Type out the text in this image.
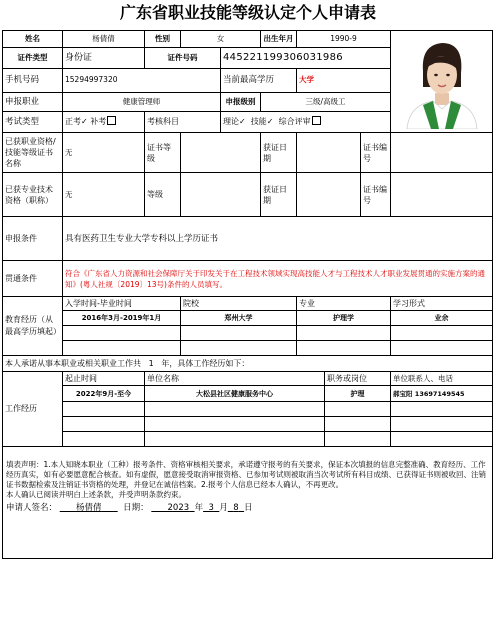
广东省职业技能等级认定个人申请表
姓名	杨倩倩	性别	女		出生年月	1990-9	
证件类型	身份证	证件号码		445221199306031986					
手机号码	15294997320			当前最高学历		大学			
申报职业	健康管理师			申报级别	三级/高级工				
考试类型	正考✓ 补考	考核科目		理论✓ 技能✓ 综合评审					
已获职业资格/技能等级证书名称	无	证书等级			获证日期			证书编号	
已获专业技术资格（职称）	无	等级			获证日期			证书编号	
申报条件	具有医药卫生专业大学专科以上学历证书								
贯通条件	符合《广东省人力资源和社会保障厅关于印发关于在工程技术领域实现高技能人才与工程技术人才职业发展贯通的实施方案的通知》(粤人社规〔2019〕13号)条件的人员填写。								
教育经历（从最高学历填起）	入学时间-毕业时间		院校			专业			学习形式
	2016年3月-2019年1月		郑州大学			护理学			业余

本人承诺从事本职业或相关职业工作共 1 年，具体工作经历如下：									
工作经历	起止时间	单位名称					职务或岗位		单位联系人、电话
	2022年9月-至今	大松县社区健康服务中心					护理		郝宝阳 13697149545

填表声明：1.本人知晓本职业（工种）报考条件、资格审核相关要求，承诺遵守报考的有关要求，保证本次填报的信息完整准确、教育经历、工作经历真实，如有必要愿意配合核查。如有虚假，愿意接受取消审报资格、已参加考试则被取消当次考试所有科目成绩、已获得证书则被收回、注销证书数据检索及注销证书资格的处理，并登记在诚信档案。2.报考个人信息已经本人确认，不再更改。
本人确认已阅读并明白上述条款，并受声明条款约束。
申请人签名： 杨倩倩 日期： 2023 年 3 月 8 日									
